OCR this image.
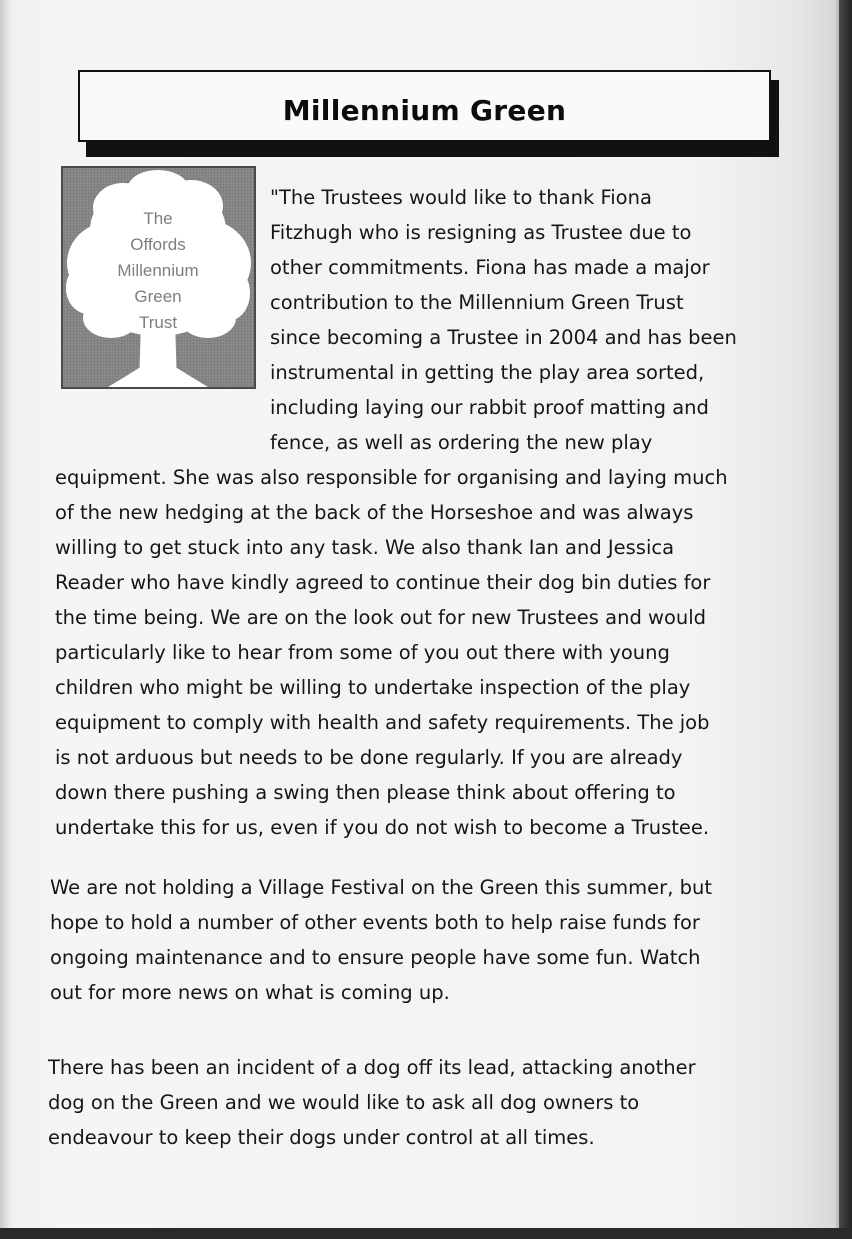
Millennium Green
The
Offords
Millennium
Green
Trust
"The Trustees would like to thank Fiona
Fitzhugh who is resigning as Trustee due to
other commitments. Fiona has made a major
contribution to the Millennium Green Trust
since becoming a Trustee in 2004 and has been
instrumental in getting the play area sorted,
including laying our rabbit proof matting and
fence, as well as ordering the new play
equipment. She was also responsible for organising and laying much
of the new hedging at the back of the Horseshoe and was always
willing to get stuck into any task. We also thank Ian and Jessica
Reader who have kindly agreed to continue their dog bin duties for
the time being. We are on the look out for new Trustees and would
particularly like to hear from some of you out there with young
children who might be willing to undertake inspection of the play
equipment to comply with health and safety requirements. The job
is not arduous but needs to be done regularly. If you are already
down there pushing a swing then please think about offering to
undertake this for us, even if you do not wish to become a Trustee.
We are not holding a Village Festival on the Green this summer, but
hope to hold a number of other events both to help raise funds for
ongoing maintenance and to ensure people have some fun. Watch
out for more news on what is coming up.
There has been an incident of a dog off its lead, attacking another
dog on the Green and we would like to ask all dog owners to
endeavour to keep their dogs under control at all times.
